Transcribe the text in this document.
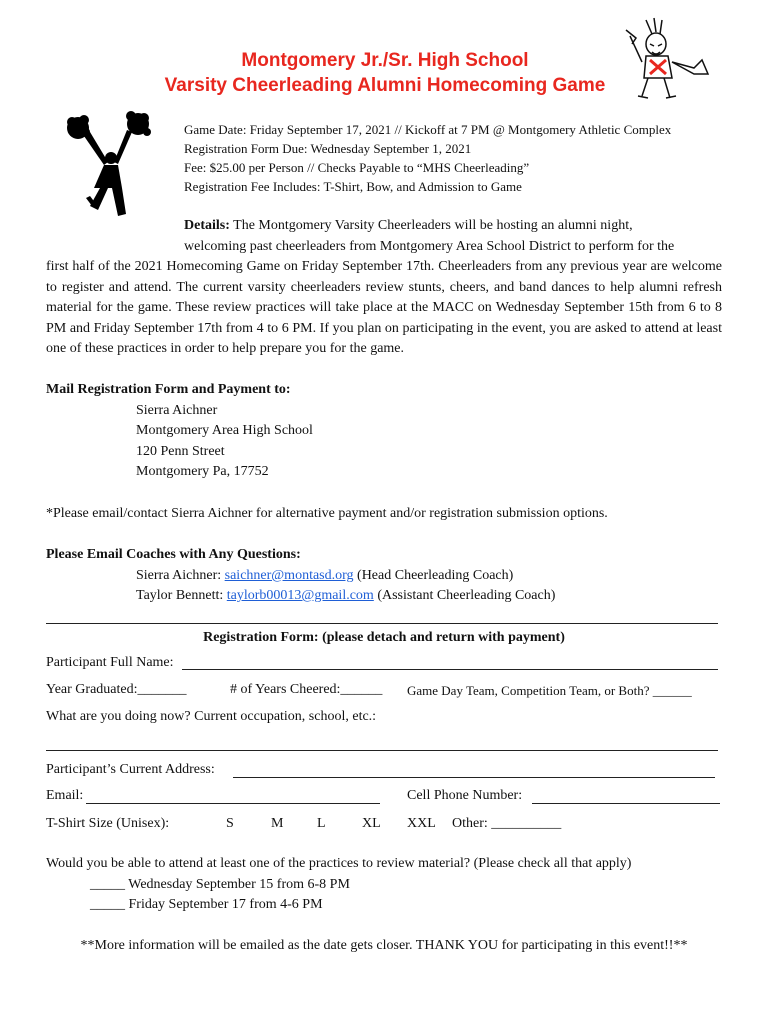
Montgomery Jr./Sr. High School
Varsity Cheerleading Alumni Homecoming Game
Game Date: Friday September 17, 2021 // Kickoff at 7 PM @ Montgomery Athletic Complex
Registration Form Due: Wednesday September 1, 2021
Fee: $25.00 per Person // Checks Payable to “MHS Cheerleading”
Registration Fee Includes: T-Shirt, Bow, and Admission to Game
Details: The Montgomery Varsity Cheerleaders will be hosting an alumni night,
welcoming past cheerleaders from Montgomery Area School District to perform for the
first half of the 2021 Homecoming Game on Friday September 17th. Cheerleaders from any previous year are welcome to register and attend. The current varsity cheerleaders review stunts, cheers, and band dances to help alumni refresh material for the game. These review practices will take place at the MACC on Wednesday September 15th from 6 to 8 PM and Friday September 17th from 4 to 6 PM. If you plan on participating in the event, you are asked to attend at least one of these practices in order to help prepare you for the game.
Mail Registration Form and Payment to:
Sierra Aichner
Montgomery Area High School
120 Penn Street
Montgomery Pa, 17752
*Please email/contact Sierra Aichner for alternative payment and/or registration submission options.
Please Email Coaches with Any Questions:
Sierra Aichner: saichner@montasd.org (Head Cheerleading Coach)
Taylor Bennett: taylorb00013@gmail.com (Assistant Cheerleading Coach)
Registration Form: (please detach and return with payment)
Participant Full Name:
Year Graduated:_______	# of Years Cheered:______ Game Day Team, Competition Team, or Both? ______
What are you doing now? Current occupation, school, etc.:
Participant’s Current Address:
Email:	Cell Phone Number:
T-Shirt Size (Unisex):	S	M L	XL XXL Other: __________
Would you be able to attend at least one of the practices to review material? (Please check all that apply)
_____ Wednesday September 15 from 6-8 PM
_____ Friday September 17 from 4-6 PM
**More information will be emailed as the date gets closer. THANK YOU for participating in this event!!**
